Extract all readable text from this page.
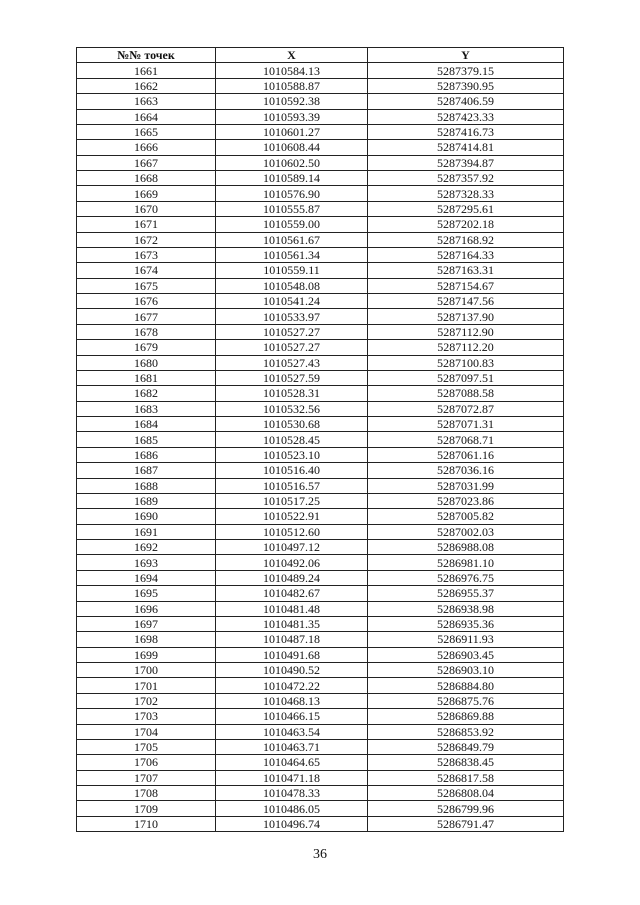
№№ точек	X	Y
1661	1010584.13	5287379.15
1662	1010588.87	5287390.95
1663	1010592.38	5287406.59
1664	1010593.39	5287423.33
1665	1010601.27	5287416.73
1666	1010608.44	5287414.81
1667	1010602.50	5287394.87
1668	1010589.14	5287357.92
1669	1010576.90	5287328.33
1670	1010555.87	5287295.61
1671	1010559.00	5287202.18
1672	1010561.67	5287168.92
1673	1010561.34	5287164.33
1674	1010559.11	5287163.31
1675	1010548.08	5287154.67
1676	1010541.24	5287147.56
1677	1010533.97	5287137.90
1678	1010527.27	5287112.90
1679	1010527.27	5287112.20
1680	1010527.43	5287100.83
1681	1010527.59	5287097.51
1682	1010528.31	5287088.58
1683	1010532.56	5287072.87
1684	1010530.68	5287071.31
1685	1010528.45	5287068.71
1686	1010523.10	5287061.16
1687	1010516.40	5287036.16
1688	1010516.57	5287031.99
1689	1010517.25	5287023.86
1690	1010522.91	5287005.82
1691	1010512.60	5287002.03
1692	1010497.12	5286988.08
1693	1010492.06	5286981.10
1694	1010489.24	5286976.75
1695	1010482.67	5286955.37
1696	1010481.48	5286938.98
1697	1010481.35	5286935.36
1698	1010487.18	5286911.93
1699	1010491.68	5286903.45
1700	1010490.52	5286903.10
1701	1010472.22	5286884.80
1702	1010468.13	5286875.76
1703	1010466.15	5286869.88
1704	1010463.54	5286853.92
1705	1010463.71	5286849.79
1706	1010464.65	5286838.45
1707	1010471.18	5286817.58
1708	1010478.33	5286808.04
1709	1010486.05	5286799.96
1710	1010496.74	5286791.47
36
